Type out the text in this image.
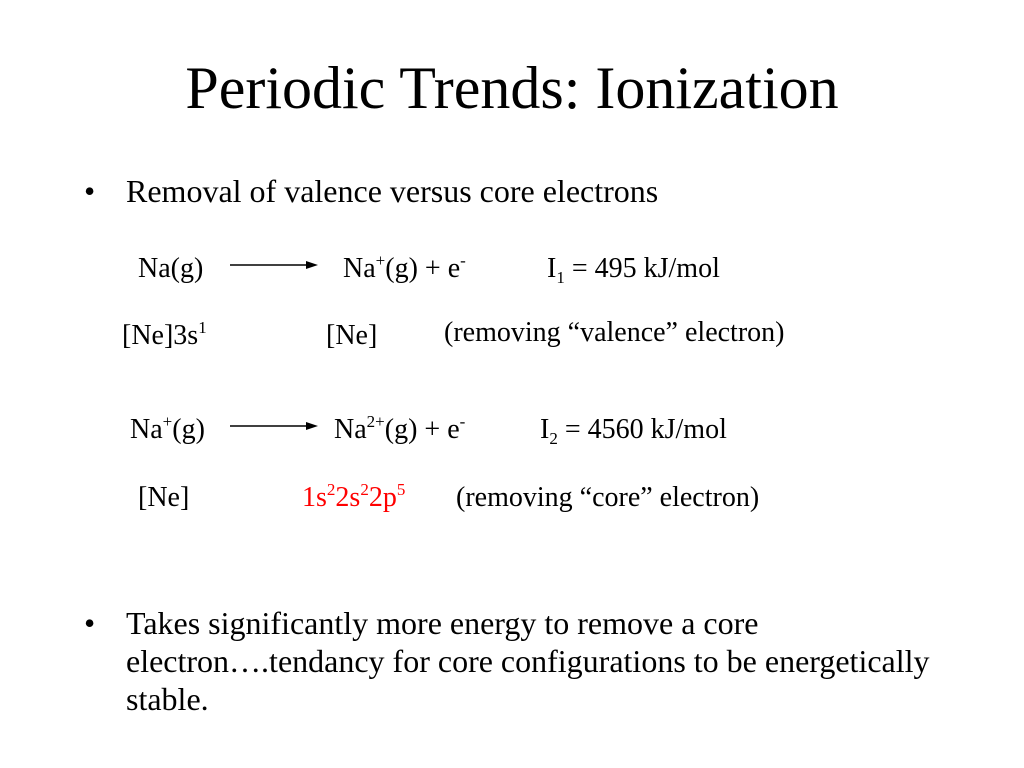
Periodic Trends: Ionization
• Removal of valence versus core electrons
Na(g)	Na+(g) + e-	$I_1 = 495$ kJ/mol
$[Ne]3s^1$	[Ne] (removing “valence” electron)
Na+(g)	$Na^{2+}(g) + e^-$	$I_2 = 4560$ kJ/mol
[Ne]	$1s^22s^22p^5$ (removing “core” electron)
• Takes significantly more energy to remove a core electron….tendancy for core configurations to be energetically stable.
